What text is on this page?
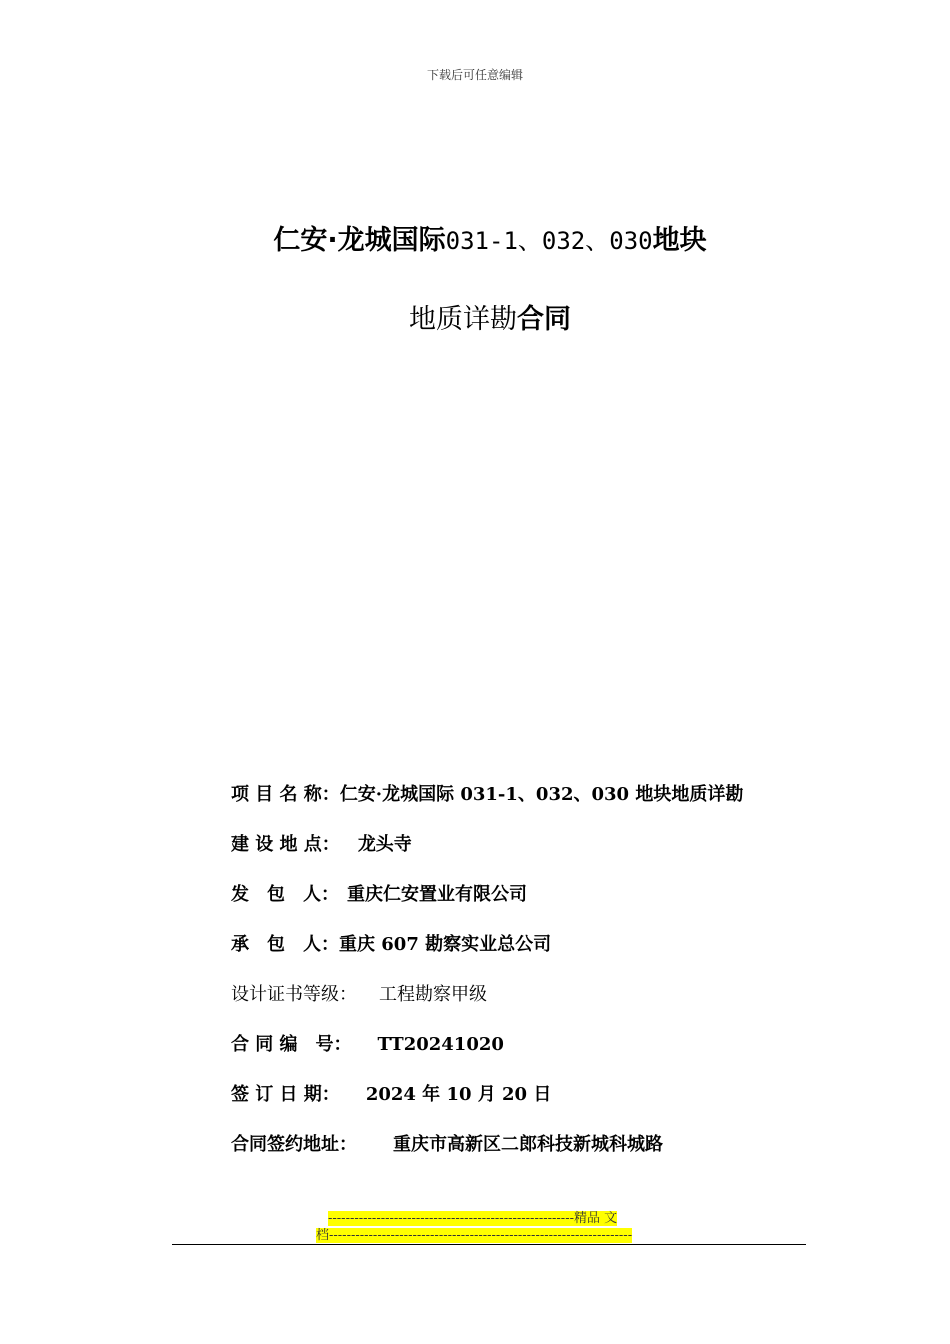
下载后可任意编辑
仁安·龙城国际031-1、032、030地块
地质详勘合同
项 目 名 称：仁安·龙城国际 031-1、032、030 地块地质详勘
建 设 地 点： 龙头寺
发　包　人： 重庆仁安置业有限公司
承　包　人：重庆 607 勘察实业总公司
设计证书等级： 工程勘察甲级
合 同 编　号： TT20241020
签 订 日 期： 2024 年 10 月 20 日
合同签约地址： 重庆市高新区二郎科技新城科城路
--------------------------------------------------------精品 文
档---------------------------------------------------------------------
